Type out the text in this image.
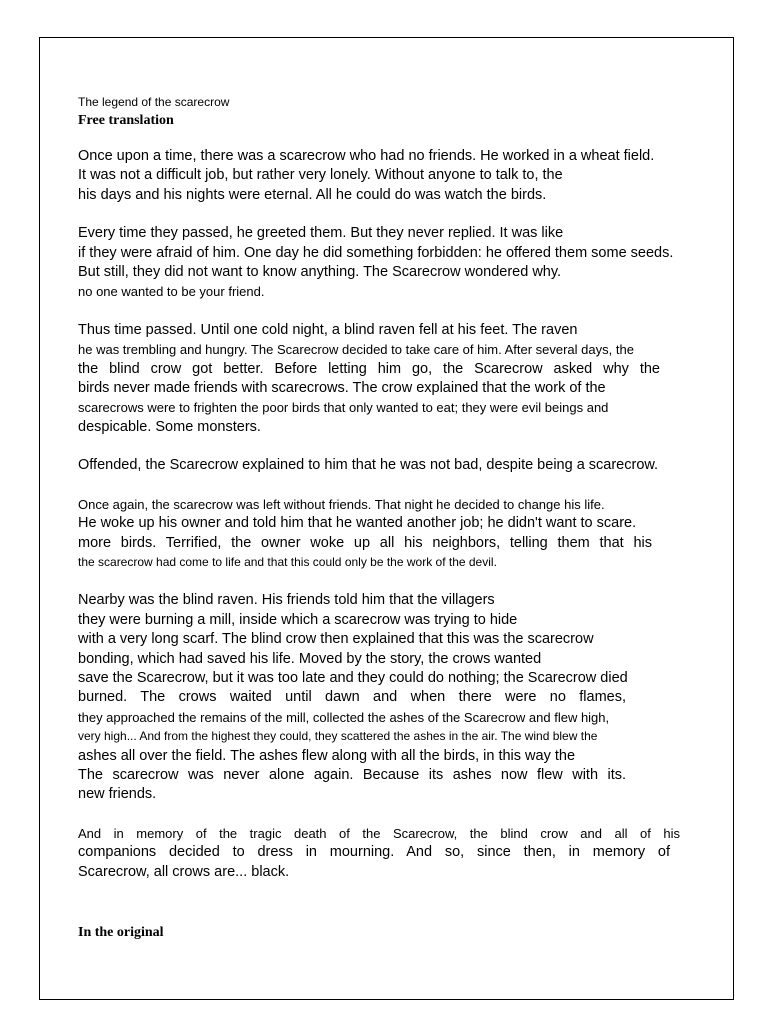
The legend of the scarecrow

Free translation

Once upon a time, there was a scarecrow who had no friends. He worked in a wheat field.
It was not a difficult job, but rather very lonely. Without anyone to talk to, the
his days and his nights were eternal. All he could do was watch the birds.
Every time they passed, he greeted them. But they never replied. It was like
if they were afraid of him. One day he did something forbidden: he offered them some seeds.
But still, they did not want to know anything. The Scarecrow wondered why.
no one wanted to be your friend.
Thus time passed. Until one cold night, a blind raven fell at his feet. The raven
he was trembling and hungry. The Scarecrow decided to take care of him. After several days, the
the blind crow got better. Before letting him go, the Scarecrow asked why the
birds never made friends with scarecrows. The crow explained that the work of the
scarecrows were to frighten the poor birds that only wanted to eat; they were evil beings and
despicable. Some monsters.
Offended, the Scarecrow explained to him that he was not bad, despite being a scarecrow.
Once again, the scarecrow was left without friends. That night he decided to change his life.
He woke up his owner and told him that he wanted another job; he didn't want to scare.
more birds. Terrified, the owner woke up all his neighbors, telling them that his
the scarecrow had come to life and that this could only be the work of the devil.
Nearby was the blind raven. His friends told him that the villagers
they were burning a mill, inside which a scarecrow was trying to hide
with a very long scarf. The blind crow then explained that this was the scarecrow
bonding, which had saved his life. Moved by the story, the crows wanted
save the Scarecrow, but it was too late and they could do nothing; the Scarecrow died
burned. The crows waited until dawn and when there were no flames,
they approached the remains of the mill, collected the ashes of the Scarecrow and flew high,
very high... And from the highest they could, they scattered the ashes in the air. The wind blew the
ashes all over the field. The ashes flew along with all the birds, in this way the
The scarecrow was never alone again. Because its ashes now flew with its.
new friends.
And in memory of the tragic death of the Scarecrow, the blind crow and all of his
companions decided to dress in mourning. And so, since then, in memory of
Scarecrow, all crows are... black.

In the original
